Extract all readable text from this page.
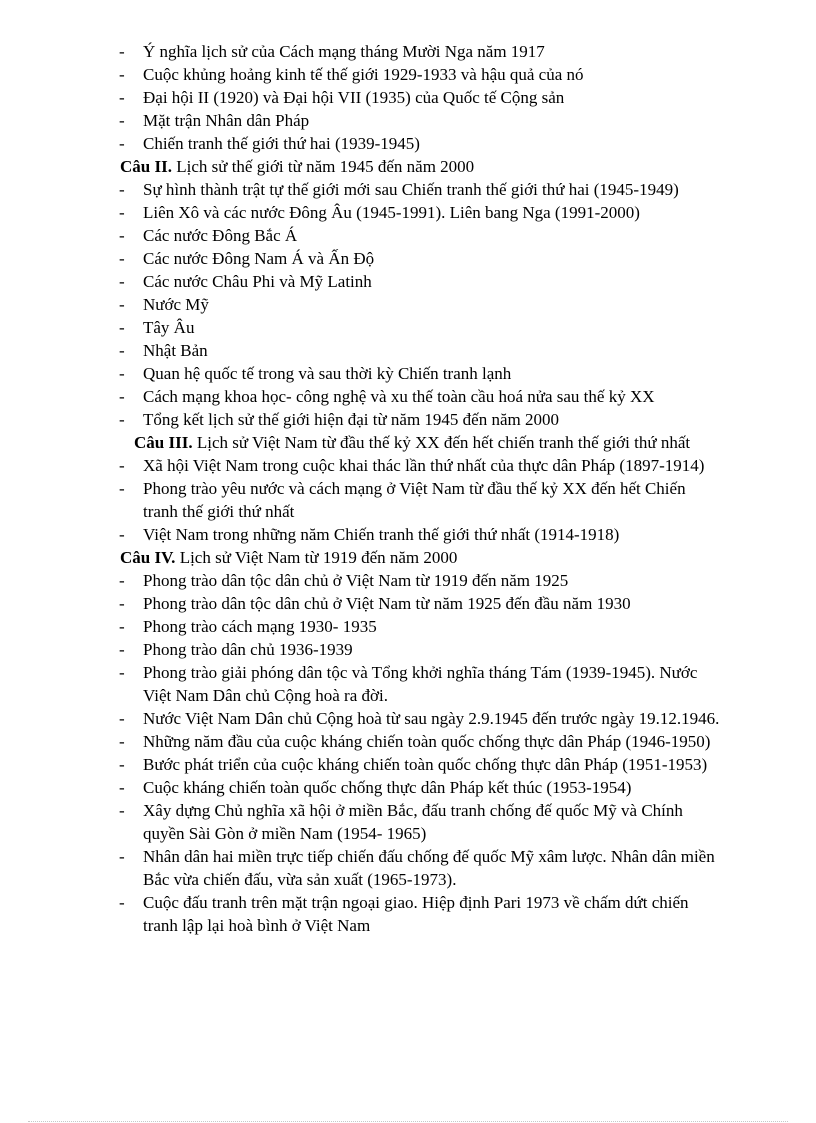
- Ý nghĩa lịch sử của Cách mạng tháng Mười Nga năm 1917
- Cuộc khủng hoảng kinh tế thế giới 1929-1933 và hậu quả của nó
- Đại hội II (1920) và Đại hội VII (1935) của Quốc tế Cộng sản
- Mặt trận Nhân dân Pháp
- Chiến tranh thế giới thứ hai (1939-1945)
Câu II. Lịch sử thế giới từ năm 1945 đến năm 2000
- Sự hình thành trật tự thế giới mới sau Chiến tranh thế giới thứ hai (1945-1949)
- Liên Xô và các nước Đông Âu (1945-1991). Liên bang Nga (1991-2000)
- Các nước Đông Bắc Á
- Các nước Đông Nam Á và Ấn Độ
- Các nước Châu Phi và Mỹ Latinh
- Nước Mỹ
- Tây Âu
- Nhật Bản
- Quan hệ quốc tế trong và sau thời kỳ Chiến tranh lạnh
- Cách mạng khoa học- công nghệ và xu thế toàn cầu hoá nửa sau thế kỷ XX
- Tổng kết lịch sử thế giới hiện đại từ năm 1945 đến năm 2000
Câu III. Lịch sử Việt Nam từ đầu thế kỷ XX đến hết chiến tranh thế giới thứ nhất
- Xã hội Việt Nam trong cuộc khai thác lần thứ nhất của thực dân Pháp (1897-1914)
- Phong trào yêu nước và cách mạng ở Việt Nam từ đầu thế kỷ XX đến hết Chiến tranh thế giới thứ nhất
- Việt Nam trong những năm Chiến tranh thế giới thứ nhất (1914-1918)
Câu IV. Lịch sử Việt Nam từ 1919 đến năm 2000
- Phong trào dân tộc dân chủ ở Việt Nam từ 1919 đến năm 1925
- Phong trào dân tộc dân chủ ở Việt Nam từ năm 1925 đến đầu năm 1930
- Phong trào cách mạng 1930- 1935
- Phong trào dân chủ 1936-1939
- Phong trào giải phóng dân tộc và Tổng khởi nghĩa tháng Tám (1939-1945). Nước Việt Nam Dân chủ Cộng hoà ra đời.
- Nước Việt Nam Dân chủ Cộng hoà từ sau ngày 2.9.1945 đến trước ngày 19.12.1946.
- Những năm đầu của cuộc kháng chiến toàn quốc chống thực dân Pháp (1946-1950)
- Bước phát triển của cuộc kháng chiến toàn quốc chống thực dân Pháp (1951-1953)
- Cuộc kháng chiến toàn quốc chống thực dân Pháp kết thúc (1953-1954)
- Xây dựng Chủ nghĩa xã hội ở miền Bắc, đấu tranh chống đế quốc Mỹ và Chính quyền Sài Gòn ở miền Nam (1954- 1965)
- Nhân dân hai miền trực tiếp chiến đấu chống đế quốc Mỹ xâm lược. Nhân dân miền Bắc vừa chiến đấu, vừa sản xuất (1965-1973).
- Cuộc đấu tranh trên mặt trận ngoại giao. Hiệp định Pari 1973 về chấm dứt chiến tranh lập lại hoà bình ở Việt Nam
